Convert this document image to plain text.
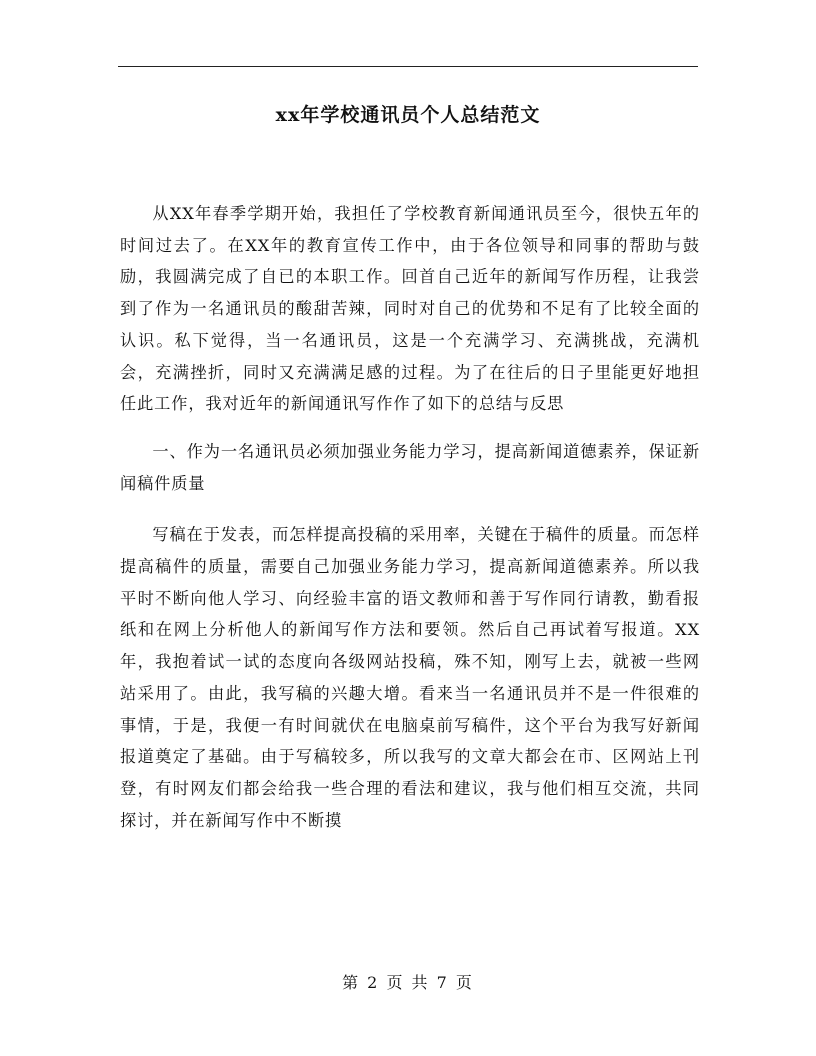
xx年学校通讯员个人总结范文

从XX年春季学期开始，我担任了学校教育新闻通讯员至今，很快五年的时间过去了。在XX年的教育宣传工作中，由于各位领导和同事的帮助与鼓励，我圆满完成了自已的本职工作。回首自己近年的新闻写作历程，让我尝到了作为一名通讯员的酸甜苦辣，同时对自己的优势和不足有了比较全面的认识。私下觉得，当一名通讯员，这是一个充满学习、充满挑战，充满机会，充满挫折，同时又充满满足感的过程。为了在往后的日子里能更好地担任此工作，我对近年的新闻通讯写作作了如下的总结与反思

一、作为一名通讯员必须加强业务能力学习，提高新闻道德素养，保证新闻稿件质量

写稿在于发表，而怎样提高投稿的采用率，关键在于稿件的质量。而怎样提高稿件的质量，需要自己加强业务能力学习，提高新闻道德素养。所以我平时不断向他人学习、向经验丰富的语文教师和善于写作同行请教，勤看报纸和在网上分析他人的新闻写作方法和要领。然后自己再试着写报道。XX年，我抱着试一试的态度向各级网站投稿，殊不知，刚写上去，就被一些网站采用了。由此，我写稿的兴趣大增。看来当一名通讯员并不是一件很难的事情，于是，我便一有时间就伏在电脑桌前写稿件，这个平台为我写好新闻报道奠定了基础。由于写稿较多，所以我写的文章大都会在市、区网站上刊登，有时网友们都会给我一些合理的看法和建议，我与他们相互交流，共同探讨，并在新闻写作中不断摸

第 2 页 共 7 页
